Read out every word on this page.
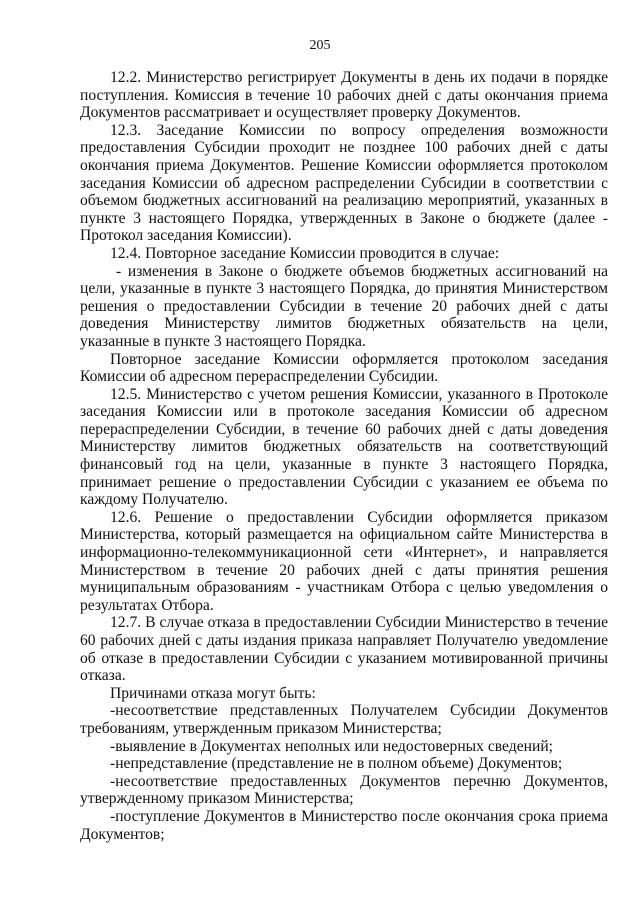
205

12.2. Министерство регистрирует Документы в день их подачи в порядке поступления. Комиссия в течение 10 рабочих дней с даты окончания приема Документов рассматривает и осуществляет проверку Документов.

12.3. Заседание Комиссии по вопросу определения возможности предоставления Субсидии проходит не позднее 100 рабочих дней с даты окончания приема Документов. Решение Комиссии оформляется протоколом заседания Комиссии об адресном распределении Субсидии в соответствии с объемом бюджетных ассигнований на реализацию мероприятий, указанных в пункте 3 настоящего Порядка, утвержденных в Законе о бюджете (далее - Протокол заседания Комиссии).

12.4. Повторное заседание Комиссии проводится в случае:

- изменения в Законе о бюджете объемов бюджетных ассигнований на цели, указанные в пункте 3 настоящего Порядка, до принятия Министерством решения о предоставлении Субсидии в течение 20 рабочих дней с даты доведения Министерству лимитов бюджетных обязательств на цели, указанные в пункте 3 настоящего Порядка.

Повторное заседание Комиссии оформляется протоколом заседания Комиссии об адресном перераспределении Субсидии.

12.5. Министерство с учетом решения Комиссии, указанного в Протоколе заседания Комиссии или в протоколе заседания Комиссии об адресном перераспределении Субсидии, в течение 60 рабочих дней с даты доведения Министерству лимитов бюджетных обязательств на соответствующий финансовый год на цели, указанные в пункте 3 настоящего Порядка, принимает решение о предоставлении Субсидии с указанием ее объема по каждому Получателю.

12.6. Решение о предоставлении Субсидии оформляется приказом Министерства, который размещается на официальном сайте Министерства в информационно-телекоммуникационной сети «Интернет», и направляется Министерством в течение 20 рабочих дней с даты принятия решения муниципальным образованиям - участникам Отбора с целью уведомления о результатах Отбора.

12.7. В случае отказа в предоставлении Субсидии Министерство в течение 60 рабочих дней с даты издания приказа направляет Получателю уведомление об отказе в предоставлении Субсидии с указанием мотивированной причины отказа.

Причинами отказа могут быть:

-несоответствие представленных Получателем Субсидии Документов требованиям, утвержденным приказом Министерства;

-выявление в Документах неполных или недостоверных сведений;

-непредставление (представление не в полном объеме) Документов;

-несоответствие предоставленных Документов перечню Документов, утвержденному приказом Министерства;

-поступление Документов в Министерство после окончания срока приема Документов;
